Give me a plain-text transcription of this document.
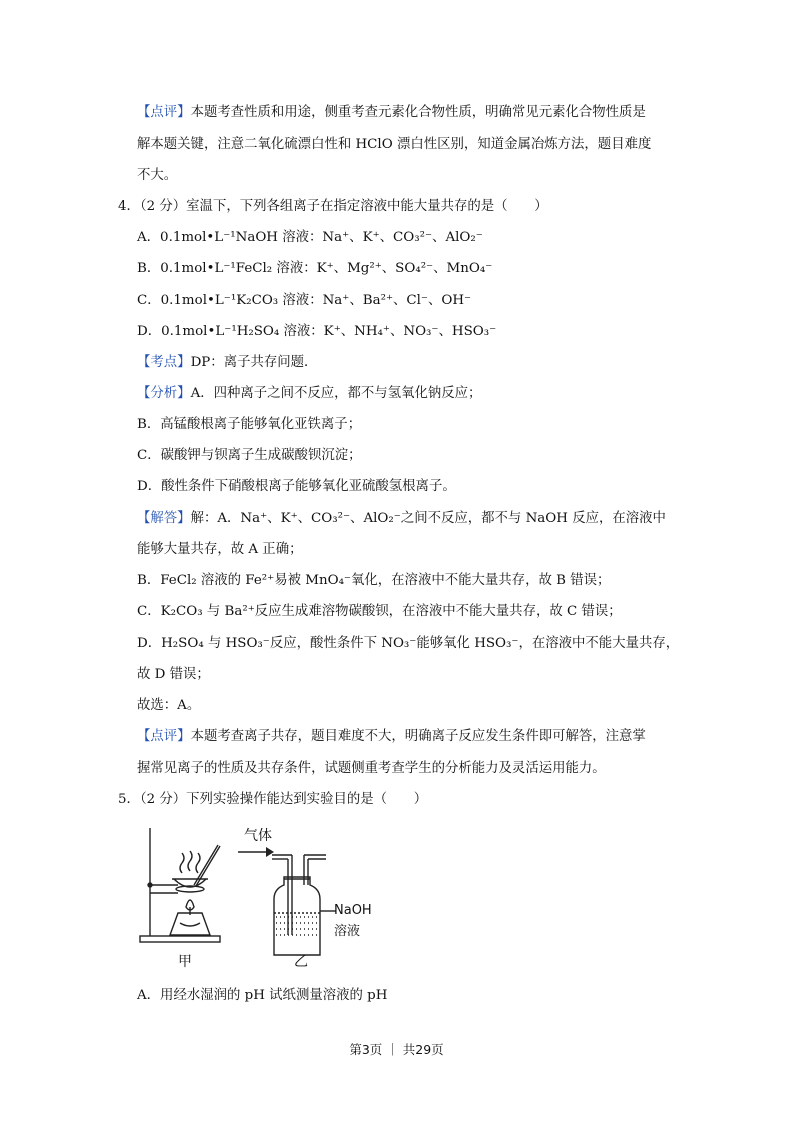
【点评】本题考查性质和用途，侧重考查元素化合物性质，明确常见元素化合物性质是
解本题关键，注意二氧化硫漂白性和 HClO 漂白性区别，知道金属冶炼方法，题目难度
不大。
4．（2 分）室温下，下列各组离子在指定溶液中能大量共存的是（　　）
A．0.1mol•L⁻¹NaOH 溶液：Na⁺、K⁺、CO₃²⁻、AlO₂⁻
B．0.1mol•L⁻¹FeCl₂ 溶液：K⁺、Mg²⁺、SO₄²⁻、MnO₄⁻
C．0.1mol•L⁻¹K₂CO₃ 溶液：Na⁺、Ba²⁺、Cl⁻、OH⁻
D．0.1mol•L⁻¹H₂SO₄ 溶液：K⁺、NH₄⁺、NO₃⁻、HSO₃⁻
【考点】DP：离子共存问题．
【分析】A．四种离子之间不反应，都不与氢氧化钠反应；
B．高锰酸根离子能够氧化亚铁离子；
C．碳酸钾与钡离子生成碳酸钡沉淀；
D．酸性条件下硝酸根离子能够氧化亚硫酸氢根离子。
【解答】解：A．Na⁺、K⁺、CO₃²⁻、AlO₂⁻之间不反应，都不与 NaOH 反应，在溶液中
能够大量共存，故 A 正确；
B．FeCl₂ 溶液的 Fe²⁺易被 MnO₄⁻氧化，在溶液中不能大量共存，故 B 错误；
C．K₂CO₃ 与 Ba²⁺反应生成难溶物碳酸钡，在溶液中不能大量共存，故 C 错误；
D．H₂SO₄ 与 HSO₃⁻反应，酸性条件下 NO₃⁻能够氧化 HSO₃⁻，在溶液中不能大量共存，
故 D 错误；
故选：A。
【点评】本题考查离子共存，题目难度不大，明确离子反应发生条件即可解答，注意掌
握常见离子的性质及共存条件，试题侧重考查学生的分析能力及灵活运用能力。
5．（2 分）下列实验操作能达到实验目的是（　　）
甲
气体
NaOH
溶液
乙
A．用经水湿润的 pH 试纸测量溶液的 pH
第3页 ｜ 共29页
